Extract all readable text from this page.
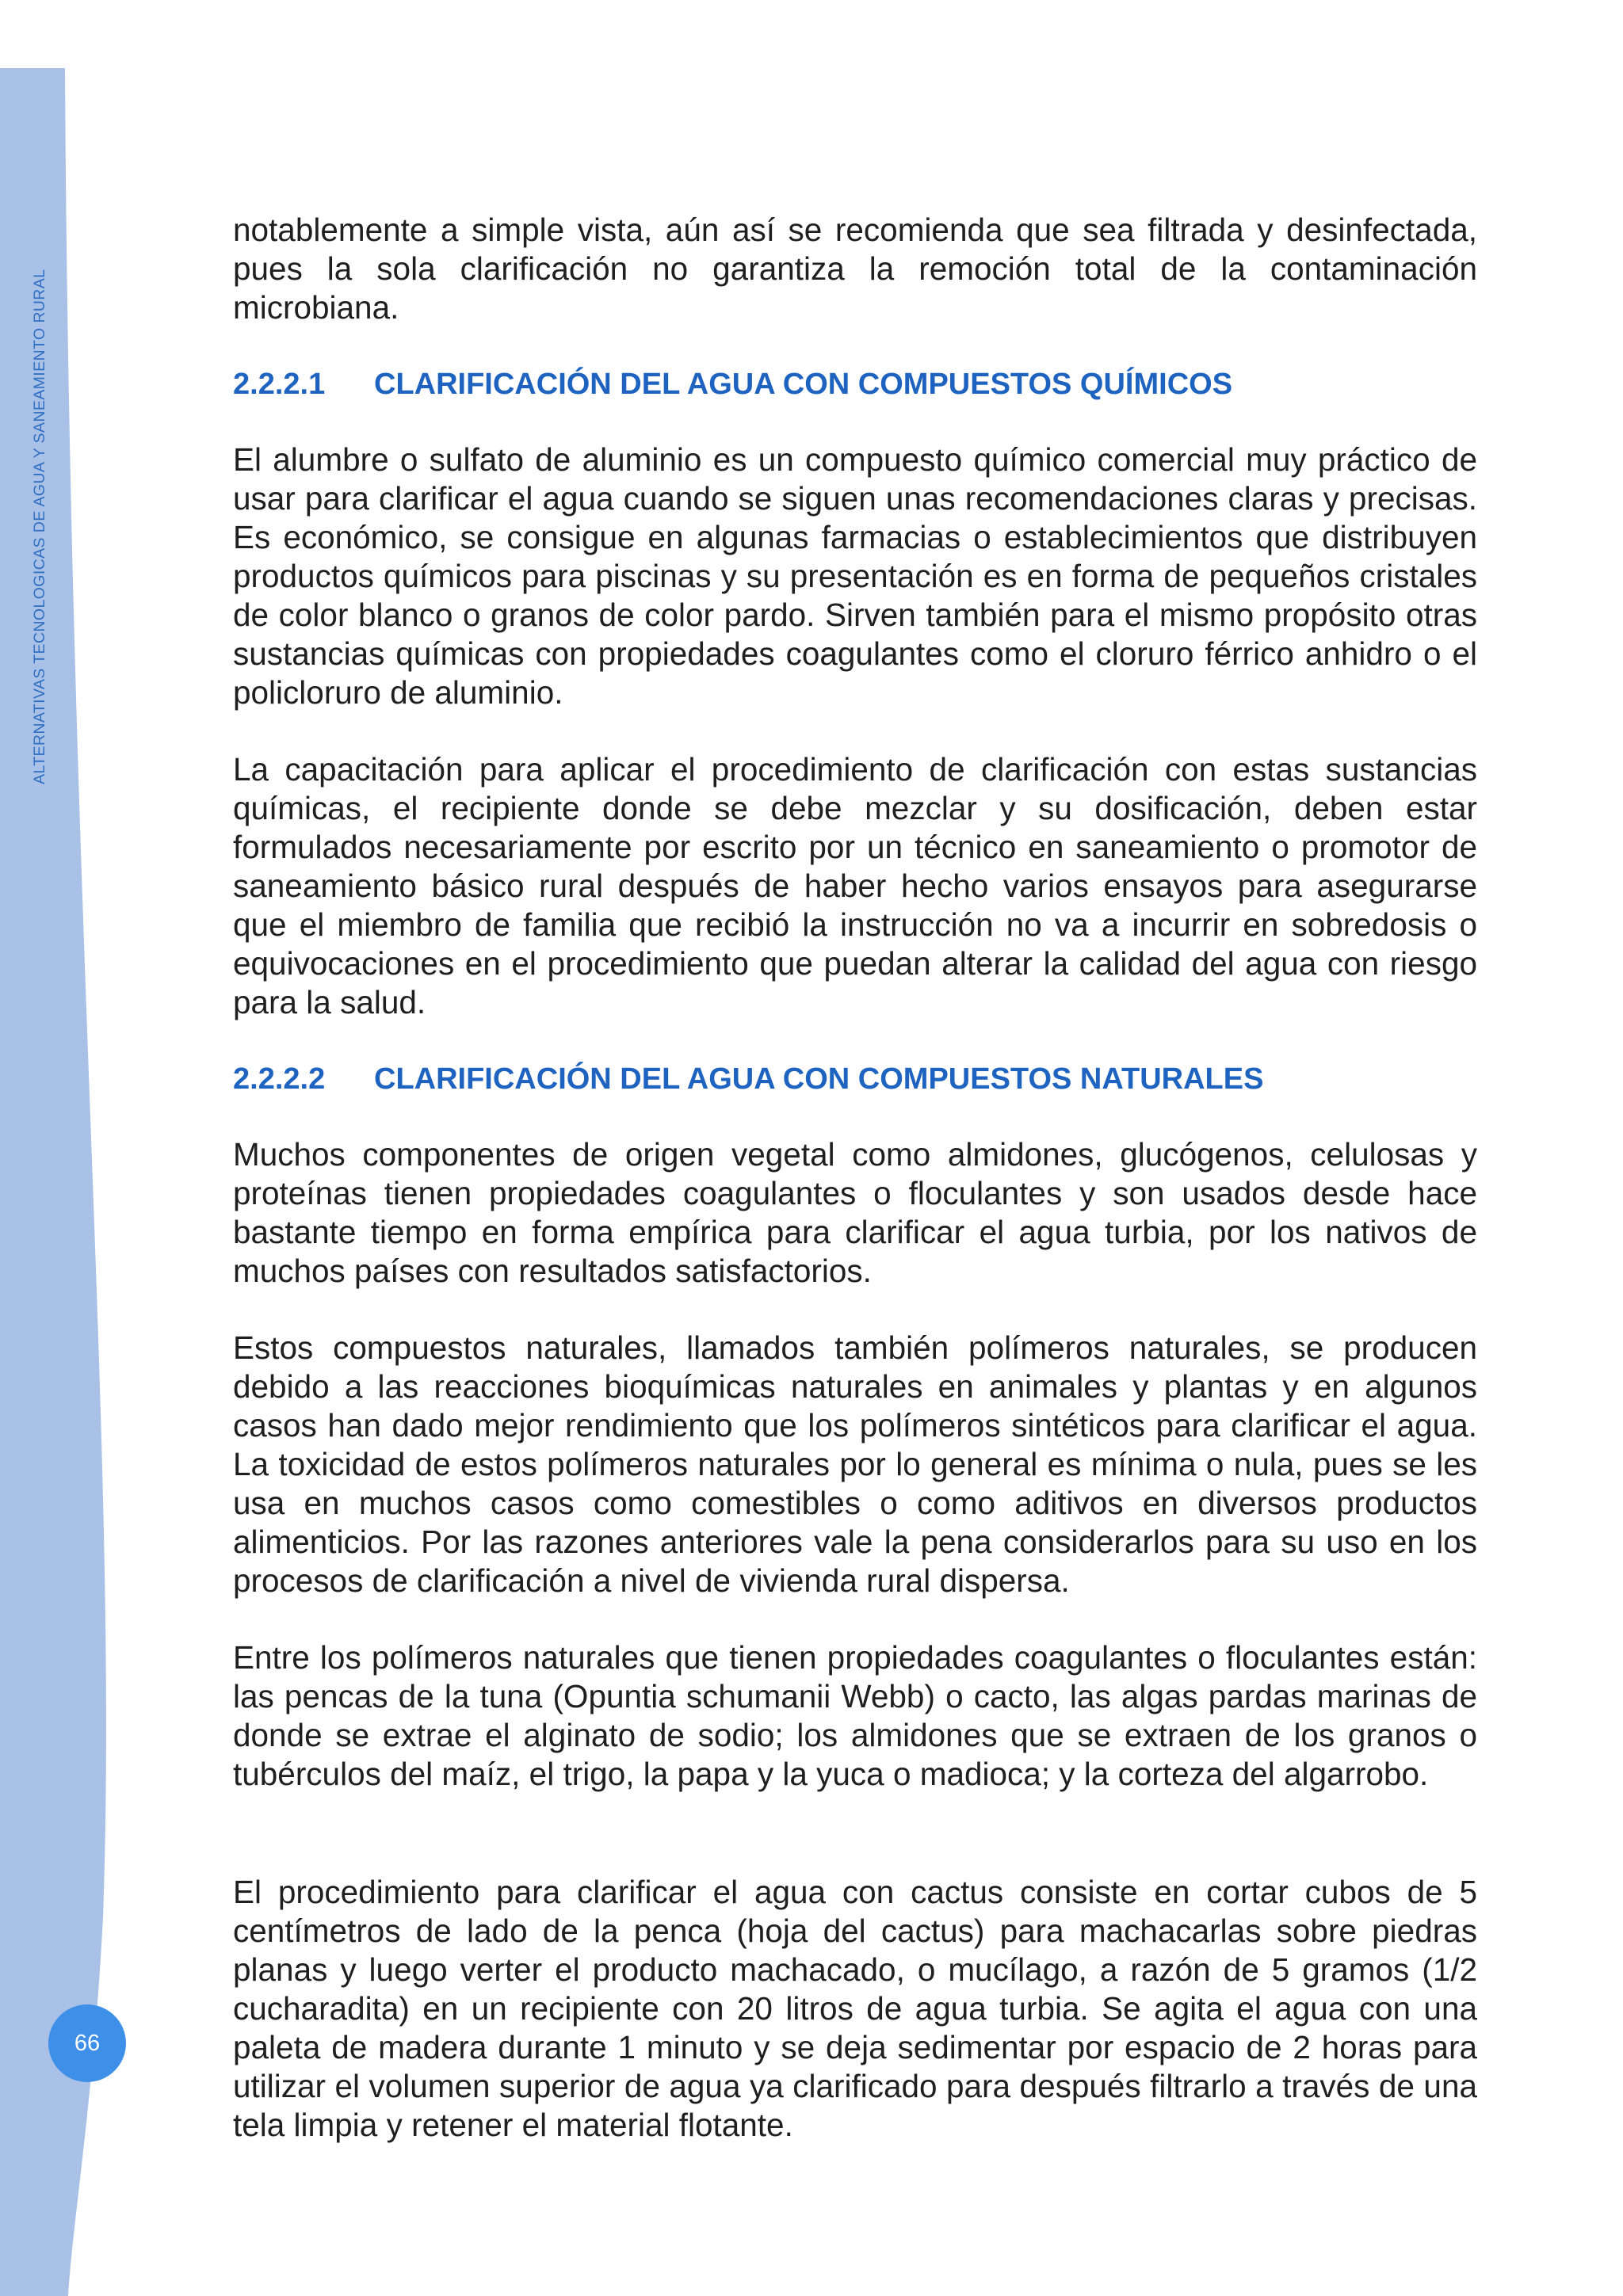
ALTERNATIVAS TECNOLOGICAS DE AGUA Y SANEAMIENTO RURAL
66

notablemente a simple vista, aún así se recomienda que sea filtrada y desinfectada, pues la sola clarificación no garantiza la remoción total de la contaminación microbiana.

2.2.2.1 CLARIFICACIÓN DEL AGUA CON COMPUESTOS QUÍMICOS

El alumbre o sulfato de aluminio es un compuesto químico comercial muy práctico de usar para clarificar el agua cuando se siguen unas recomendaciones claras y precisas. Es económico, se consigue en algunas farmacias o establecimientos que distribuyen productos químicos para piscinas y su presentación es en forma de pequeños cristales de color blanco o granos de color pardo. Sirven también para el mismo propósito otras sustancias químicas con propiedades coagulantes como el cloruro férrico anhidro o el policloruro de aluminio.

La capacitación para aplicar el procedimiento de clarificación con estas sustancias químicas, el recipiente donde se debe mezclar y su dosificación, deben estar formulados necesariamente por escrito por un técnico en saneamiento o promotor de saneamiento básico rural después de haber hecho varios ensayos para asegurarse que el miembro de familia que recibió la instrucción no va a incurrir en sobredosis o equivocaciones en el procedimiento que puedan alterar la calidad del agua con riesgo para la salud.

2.2.2.2 CLARIFICACIÓN DEL AGUA CON COMPUESTOS NATURALES

Muchos componentes de origen vegetal como almidones, glucógenos, celulosas y proteínas tienen propiedades coagulantes o floculantes y son usados desde hace bastante tiempo en forma empírica para clarificar el agua turbia, por los nativos de muchos países con resultados satisfactorios.

Estos compuestos naturales, llamados también polímeros naturales, se producen debido a las reacciones bioquímicas naturales en animales y plantas y en algunos casos han dado mejor rendimiento que los polímeros sintéticos para clarificar el agua. La toxicidad de estos polímeros naturales por lo general es mínima o nula, pues se les usa en muchos casos como comestibles o como aditivos en diversos productos alimenticios. Por las razones anteriores vale la pena considerarlos para su uso en los procesos de clarificación a nivel de vivienda rural dispersa.

Entre los polímeros naturales que tienen propiedades coagulantes o floculantes están: las pencas de la tuna (Opuntia schumanii Webb) o cacto, las algas pardas marinas de donde se extrae el alginato de sodio; los almidones que se extraen de los granos o tubérculos del maíz, el trigo, la papa y la yuca o madioca; y la corteza del algarrobo.

El procedimiento para clarificar el agua con cactus consiste en cortar cubos de 5 centímetros de lado de la penca (hoja del cactus) para machacarlas sobre piedras planas y luego verter el producto machacado, o mucílago, a razón de 5 gramos (1/2 cucharadita) en un recipiente con 20 litros de agua turbia. Se agita el agua con una paleta de madera durante 1 minuto y se deja sedimentar por espacio de 2 horas para utilizar el volumen superior de agua ya clarificado para después filtrarlo a través de una tela limpia y retener el material flotante.
